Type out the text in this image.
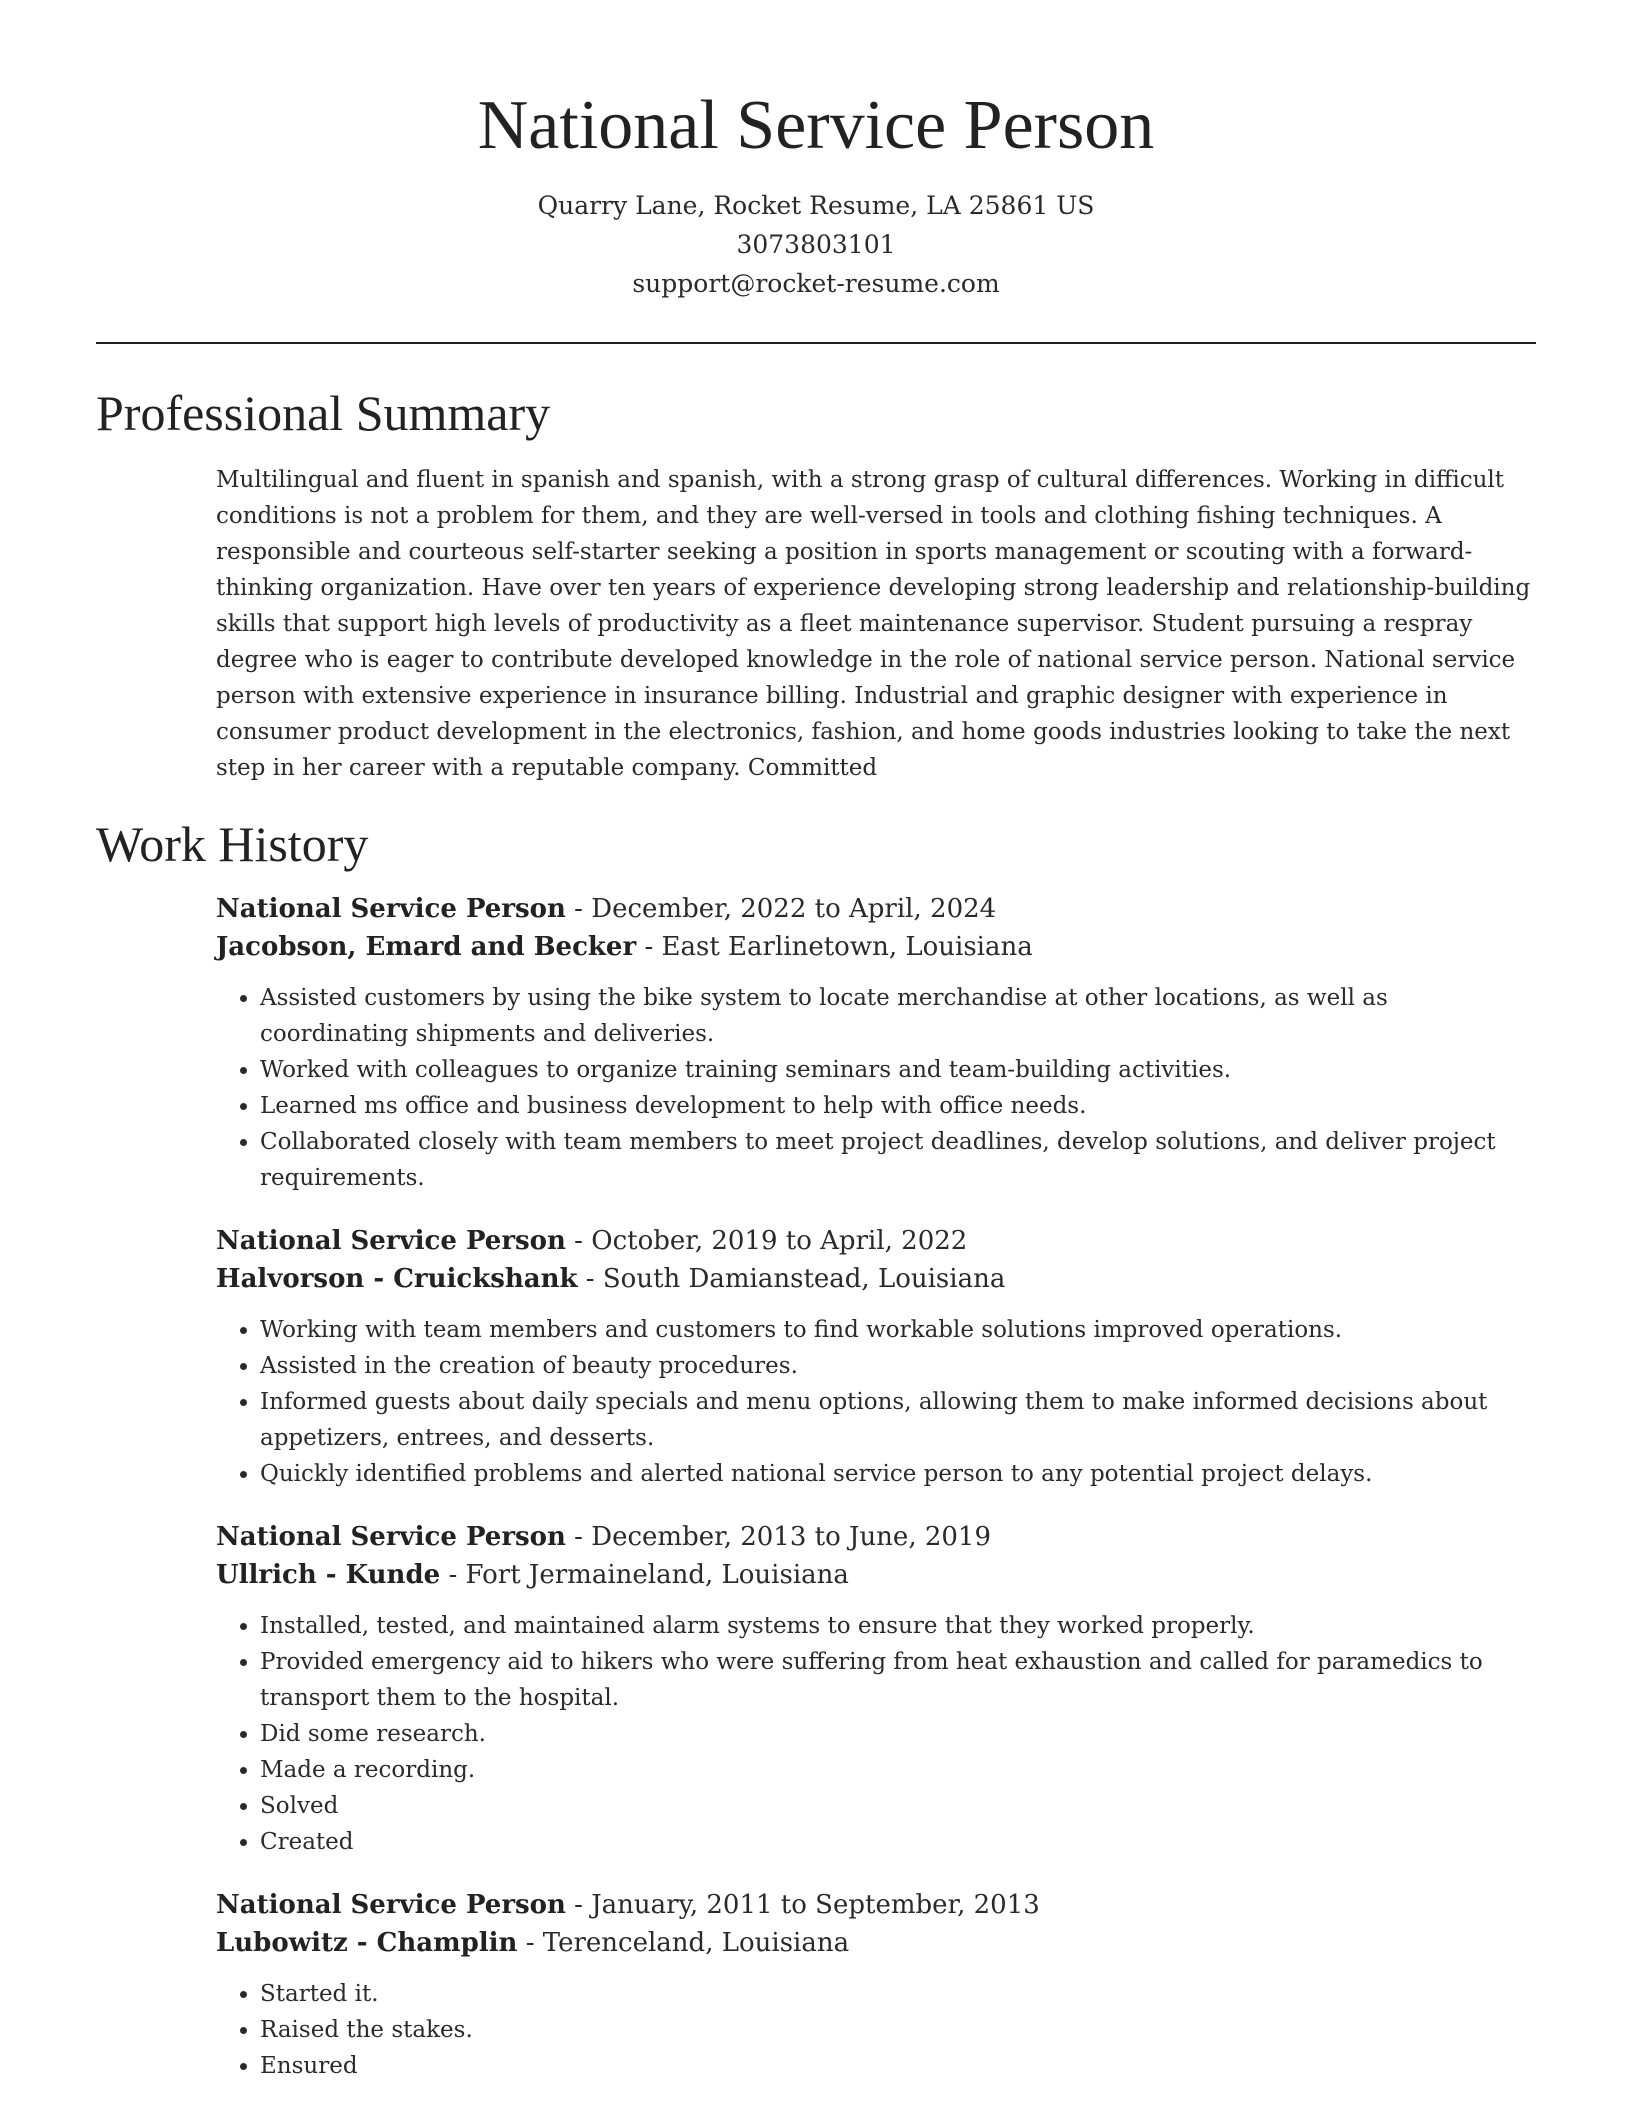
National Service Person
Quarry Lane, Rocket Resume, LA 25861 US
3073803101
support@rocket-resume.com
Professional Summary

Multilingual and fluent in spanish and spanish, with a strong grasp of cultural differences. Working in difficult conditions is not a problem for them, and they are well-versed in tools and clothing fishing techniques. A responsible and courteous self-starter seeking a position in sports management or scouting with a forward-thinking organization. Have over ten years of experience developing strong leadership and relationship-building skills that support high levels of productivity as a fleet maintenance supervisor. Student pursuing a respray degree who is eager to contribute developed knowledge in the role of national service person. National service person with extensive experience in insurance billing. Industrial and graphic designer with experience in consumer product development in the electronics, fashion, and home goods industries looking to take the next step in her career with a reputable company. Committed

Work History
National Service Person - December, 2022 to April, 2024
Jacobson, Emard and Becker - East Earlinetown, Louisiana
• Assisted customers by using the bike system to locate merchandise at other locations, as well as coordinating shipments and deliveries.
• Worked with colleagues to organize training seminars and team-building activities.
• Learned ms office and business development to help with office needs.
• Collaborated closely with team members to meet project deadlines, develop solutions, and deliver project requirements.
National Service Person - October, 2019 to April, 2022
Halvorson - Cruickshank - South Damianstead, Louisiana
• Working with team members and customers to find workable solutions improved operations.
• Assisted in the creation of beauty procedures.
• Informed guests about daily specials and menu options, allowing them to make informed decisions about appetizers, entrees, and desserts.
• Quickly identified problems and alerted national service person to any potential project delays.
National Service Person - December, 2013 to June, 2019
Ullrich - Kunde - Fort Jermaineland, Louisiana
• Installed, tested, and maintained alarm systems to ensure that they worked properly.
• Provided emergency aid to hikers who were suffering from heat exhaustion and called for paramedics to transport them to the hospital.
• Did some research.
• Made a recording.
• Solved
• Created
National Service Person - January, 2011 to September, 2013
Lubowitz - Champlin - Terenceland, Louisiana
• Started it.
• Raised the stakes.
• Ensured
